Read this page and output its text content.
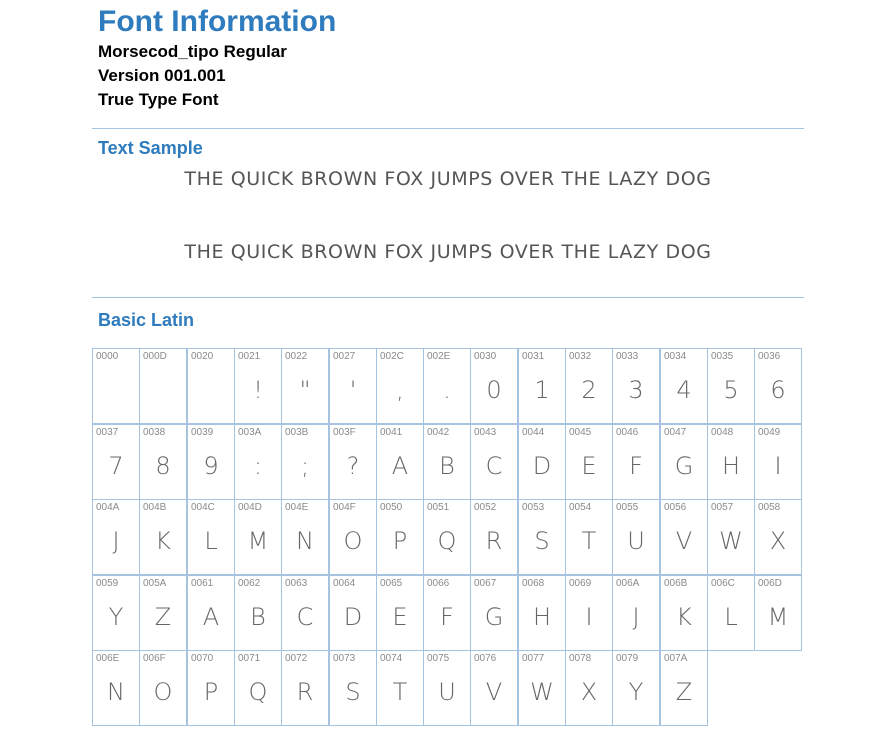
Font Information

Morsecod_tipo Regular

Version 001.001

True Type Font

Text Sample
THE QUICK BROWN FOX JUMPS OVER THE LAZY DOG
THE QUICK BROWN FOX JUMPS OVER THE LAZY DOG
Basic Latin
0000 000D 0020 0021
!
0022
"
0027
'
002C
,
002E
.
0030
0
0031
1
0032
2
0033
3
0034
4
0035
5
0036
6
0037
7
0038
8
0039
9
003A
:
003B
;
003F
?
0041
A
0042
B
0043
C
0044
D
0045
E
0046
F
0047
G
0048
H
0049
I
004A
J
004B
K
004C
L
004D
M
004E
N
004F
O
0050
P
0051
Q
0052
R
0053
S
0054
T
0055
U
0056
V
0057
W
0058
X
0059
Y
005A
Z
0061
A
0062
B
0063
C
0064
D
0065
E
0066
F
0067
G
0068
H
0069
I
006A
J
006B
K
006C
L
006D
M
006E
N
006F
O
0070
P
0071
Q
0072
R
0073
S
0074
T
0075
U
0076
V
0077
W
0078
X
0079
Y
007A
Z
